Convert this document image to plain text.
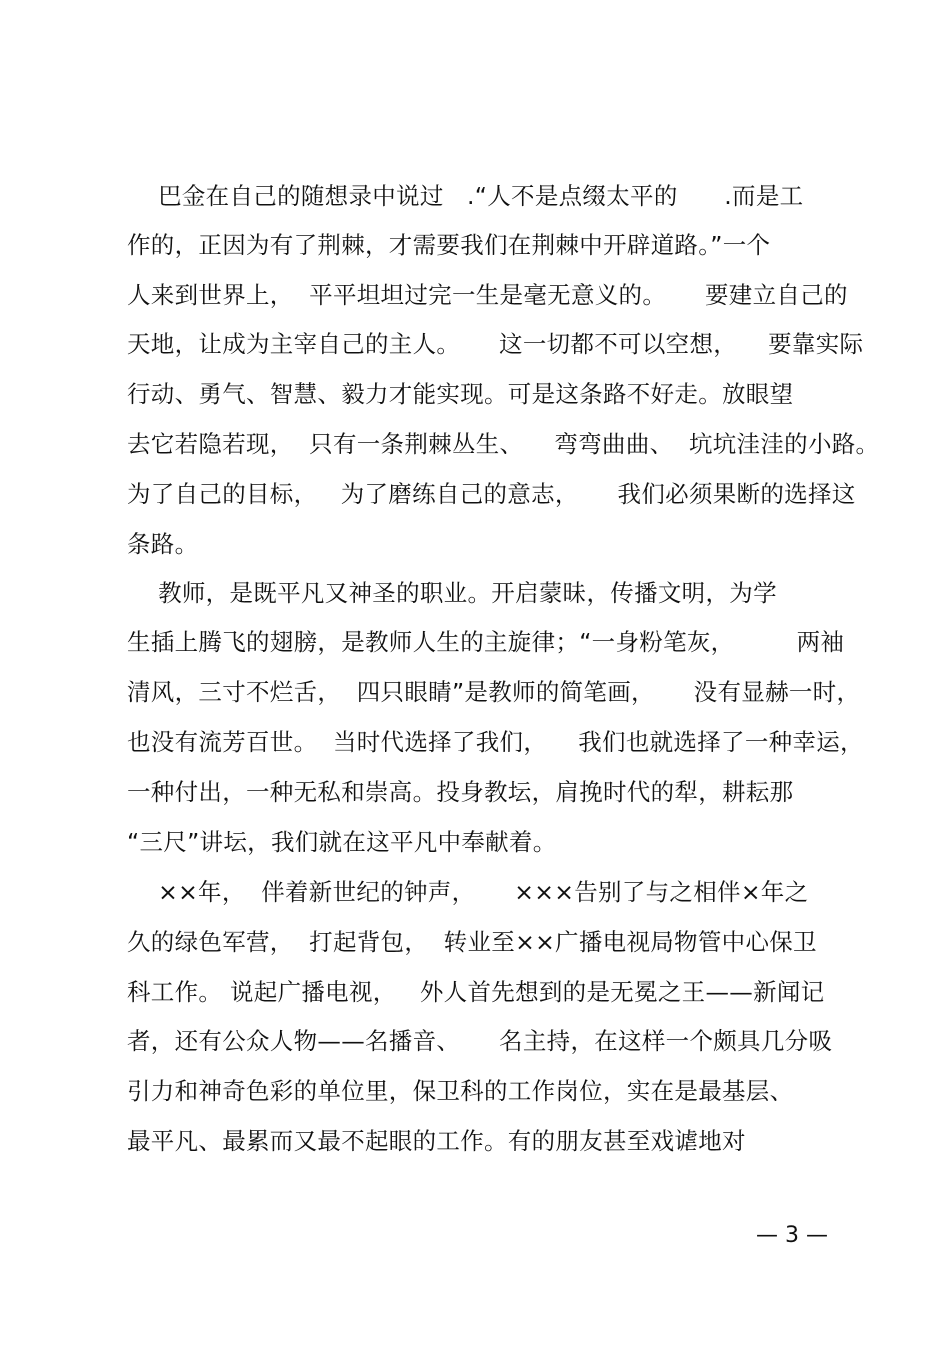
巴金在自己的随想录中说过   .“人不是点缀太平的      .而是工
作的，正因为有了荆棘，才需要我们在荆棘中开辟道路。”一个
人来到世界上，  平平坦坦过完一生是毫无意义的。     要建立自己的
天地，让成为主宰自己的主人。     这一切都不可以空想，    要靠实际
行动、勇气、智慧、毅力才能实现。可是这条路不好走。放眼望
去它若隐若现，  只有一条荆棘丛生、    弯弯曲曲、  坑坑洼洼的小路。
为了自己的目标，   为了磨练自己的意志，     我们必须果断的选择这
条路。
教师，是既平凡又神圣的职业。开启蒙昧，传播文明，为学
生插上腾飞的翅膀，是教师人生的主旋律；“一身粉笔灰，        两袖
清风，三寸不烂舌，  四只眼睛”是教师的简笔画，     没有显赫一时，
也没有流芳百世。  当时代选择了我们，    我们也就选择了一种幸运，
一种付出，一种无私和崇高。投身教坛，肩挽时代的犁，耕耘那
“三尺”讲坛，我们就在这平凡中奉献着。
××年，  伴着新世纪的钟声，     ×××告别了与之相伴×年之
久的绿色军营，  打起背包，  转业至××广播电视局物管中心保卫
科工作。 说起广播电视，   外人首先想到的是无冕之王——新闻记
者，还有公众人物——名播音、     名主持，在这样一个颇具几分吸
引力和神奇色彩的单位里，保卫科的工作岗位，实在是最基层、
最平凡、最累而又最不起眼的工作。有的朋友甚至戏谑地对
— 3 —
